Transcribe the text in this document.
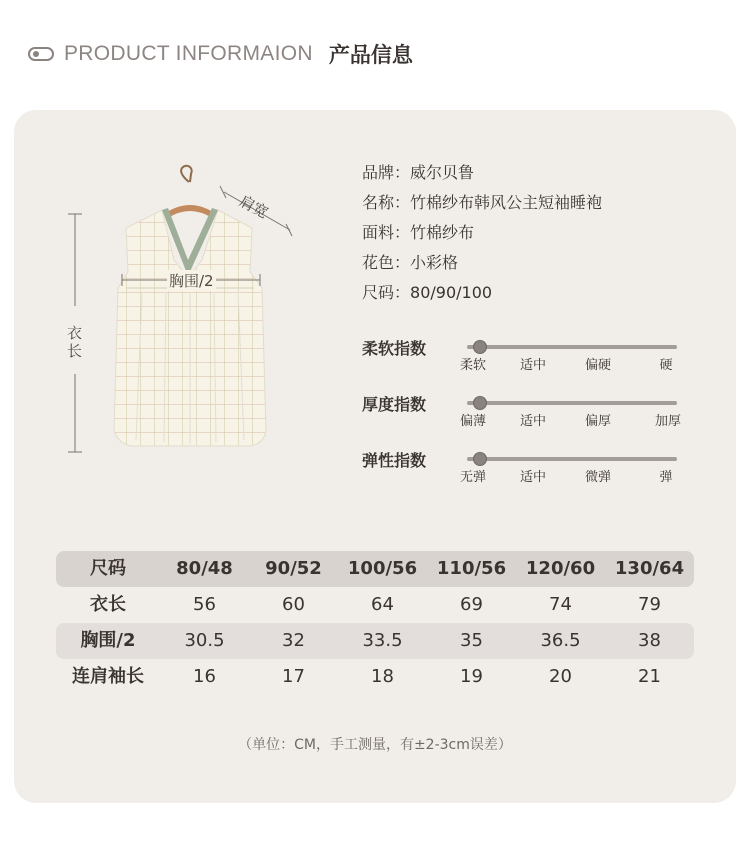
PRODUCT INFORMAION 产品信息
肩宽
胸围/2
衣
长
品牌： 威尔贝鲁
名称： 竹棉纱布韩风公主短袖睡袍
面料： 竹棉纱布
花色： 小彩格
尺码： 80/90/100
柔软指数
柔软	适中	偏硬	硬
厚度指数
偏薄	适中	偏厚	加厚
弹性指数
无弹	适中	微弹	弹
尺码	80/48	90/52	100/56	110/56	120/60	130/64
衣长	56	60	64	69	74	79
胸围/2	30.5	32	33.5	35	36.5	38
连肩袖长	16	17	18	19	20	21
（单位：CM，手工测量，有±2-3cm误差）
